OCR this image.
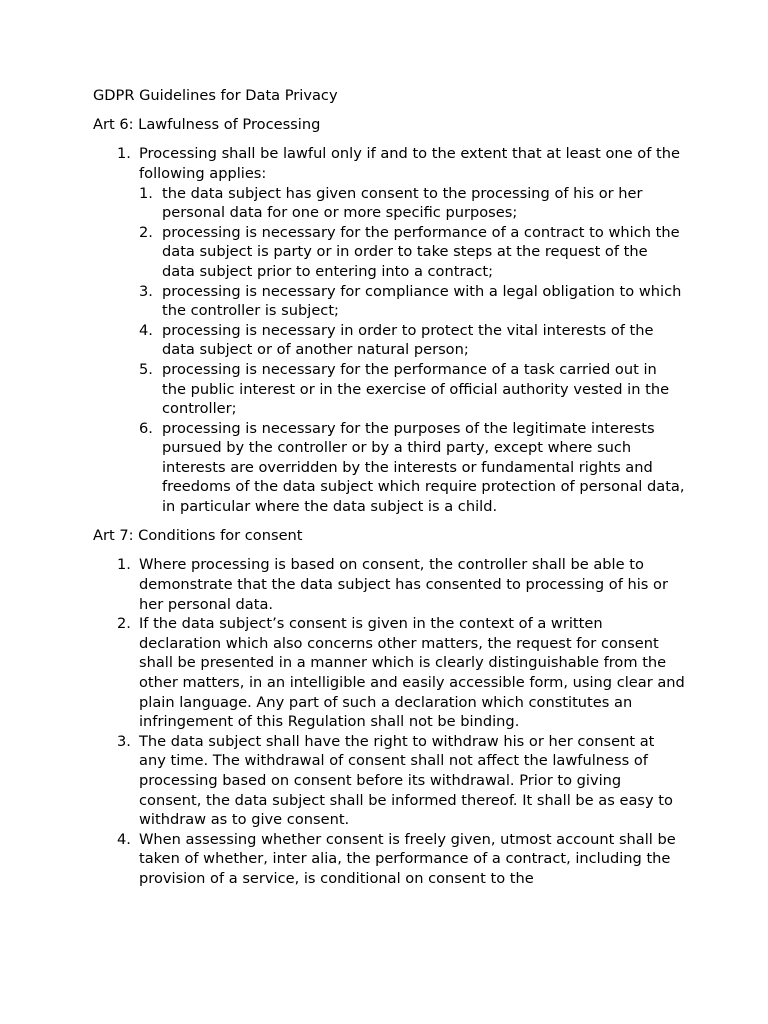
GDPR Guidelines for Data Privacy

Art 6: Lawfulness of Processing

1. Processing shall be lawful only if and to the extent that at least one of the following applies:
1. the data subject has given consent to the processing of his or her personal data for one or more specific purposes;
2. processing is necessary for the performance of a contract to which the data subject is party or in order to take steps at the request of the data subject prior to entering into a contract;
3. processing is necessary for compliance with a legal obligation to which the controller is subject;
4. processing is necessary in order to protect the vital interests of the data subject or of another natural person;
5. processing is necessary for the performance of a task carried out in the public interest or in the exercise of official authority vested in the controller;
6. processing is necessary for the purposes of the legitimate interests pursued by the controller or by a third party, except where such interests are overridden by the interests or fundamental rights and freedoms of the data subject which require protection of personal data, in particular where the data subject is a child.

Art 7: Conditions for consent

1. Where processing is based on consent, the controller shall be able to demonstrate that the data subject has consented to processing of his or her personal data.
2. If the data subject’s consent is given in the context of a written declaration which also concerns other matters, the request for consent shall be presented in a manner which is clearly distinguishable from the other matters, in an intelligible and easily accessible form, using clear and plain language. Any part of such a declaration which constitutes an infringement of this Regulation shall not be binding.
3. The data subject shall have the right to withdraw his or her consent at any time. The withdrawal of consent shall not affect the lawfulness of processing based on consent before its withdrawal. Prior to giving consent, the data subject shall be informed thereof. It shall be as easy to withdraw as to give consent.
4. When assessing whether consent is freely given, utmost account shall be taken of whether, inter alia, the performance of a contract, including the provision of a service, is conditional on consent to the
